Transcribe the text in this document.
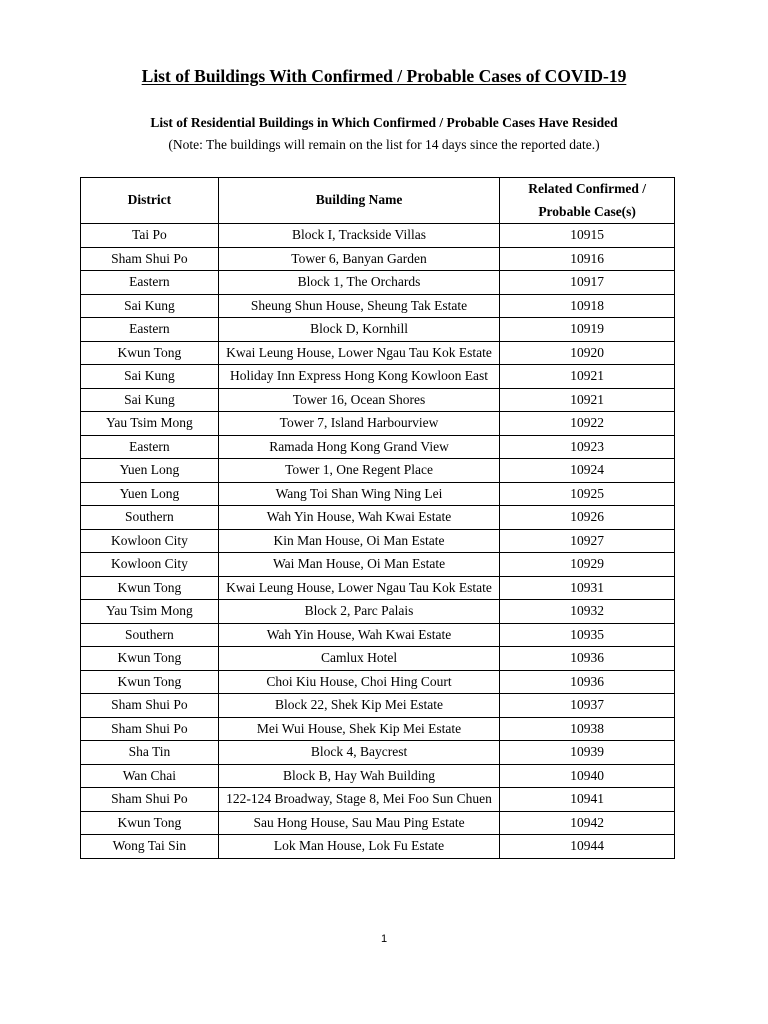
List of Buildings With Confirmed / Probable Cases of COVID-19
List of Residential Buildings in Which Confirmed / Probable Cases Have Resided
(Note: The buildings will remain on the list for 14 days since the reported date.)
District	Building Name	Related Confirmed / Probable Case(s)
Tai Po	Block I, Trackside Villas	10915
Sham Shui Po	Tower 6, Banyan Garden	10916
Eastern	Block 1, The Orchards	10917
Sai Kung	Sheung Shun House, Sheung Tak Estate	10918
Eastern	Block D, Kornhill	10919
Kwun Tong	Kwai Leung House, Lower Ngau Tau Kok Estate	10920
Sai Kung	Holiday Inn Express Hong Kong Kowloon East	10921
Sai Kung	Tower 16, Ocean Shores	10921
Yau Tsim Mong	Tower 7, Island Harbourview	10922
Eastern	Ramada Hong Kong Grand View	10923
Yuen Long	Tower 1, One Regent Place	10924
Yuen Long	Wang Toi Shan Wing Ning Lei	10925
Southern	Wah Yin House, Wah Kwai Estate	10926
Kowloon City	Kin Man House, Oi Man Estate	10927
Kowloon City	Wai Man House, Oi Man Estate	10929
Kwun Tong	Kwai Leung House, Lower Ngau Tau Kok Estate	10931
Yau Tsim Mong	Block 2, Parc Palais	10932
Southern	Wah Yin House, Wah Kwai Estate	10935
Kwun Tong	Camlux Hotel	10936
Kwun Tong	Choi Kiu House, Choi Hing Court	10936
Sham Shui Po	Block 22, Shek Kip Mei Estate	10937
Sham Shui Po	Mei Wui House, Shek Kip Mei Estate	10938
Sha Tin	Block 4, Baycrest	10939
Wan Chai	Block B, Hay Wah Building	10940
Sham Shui Po	122-124 Broadway, Stage 8, Mei Foo Sun Chuen	10941
Kwun Tong	Sau Hong House, Sau Mau Ping Estate	10942
Wong Tai Sin	Lok Man House, Lok Fu Estate	10944
1
